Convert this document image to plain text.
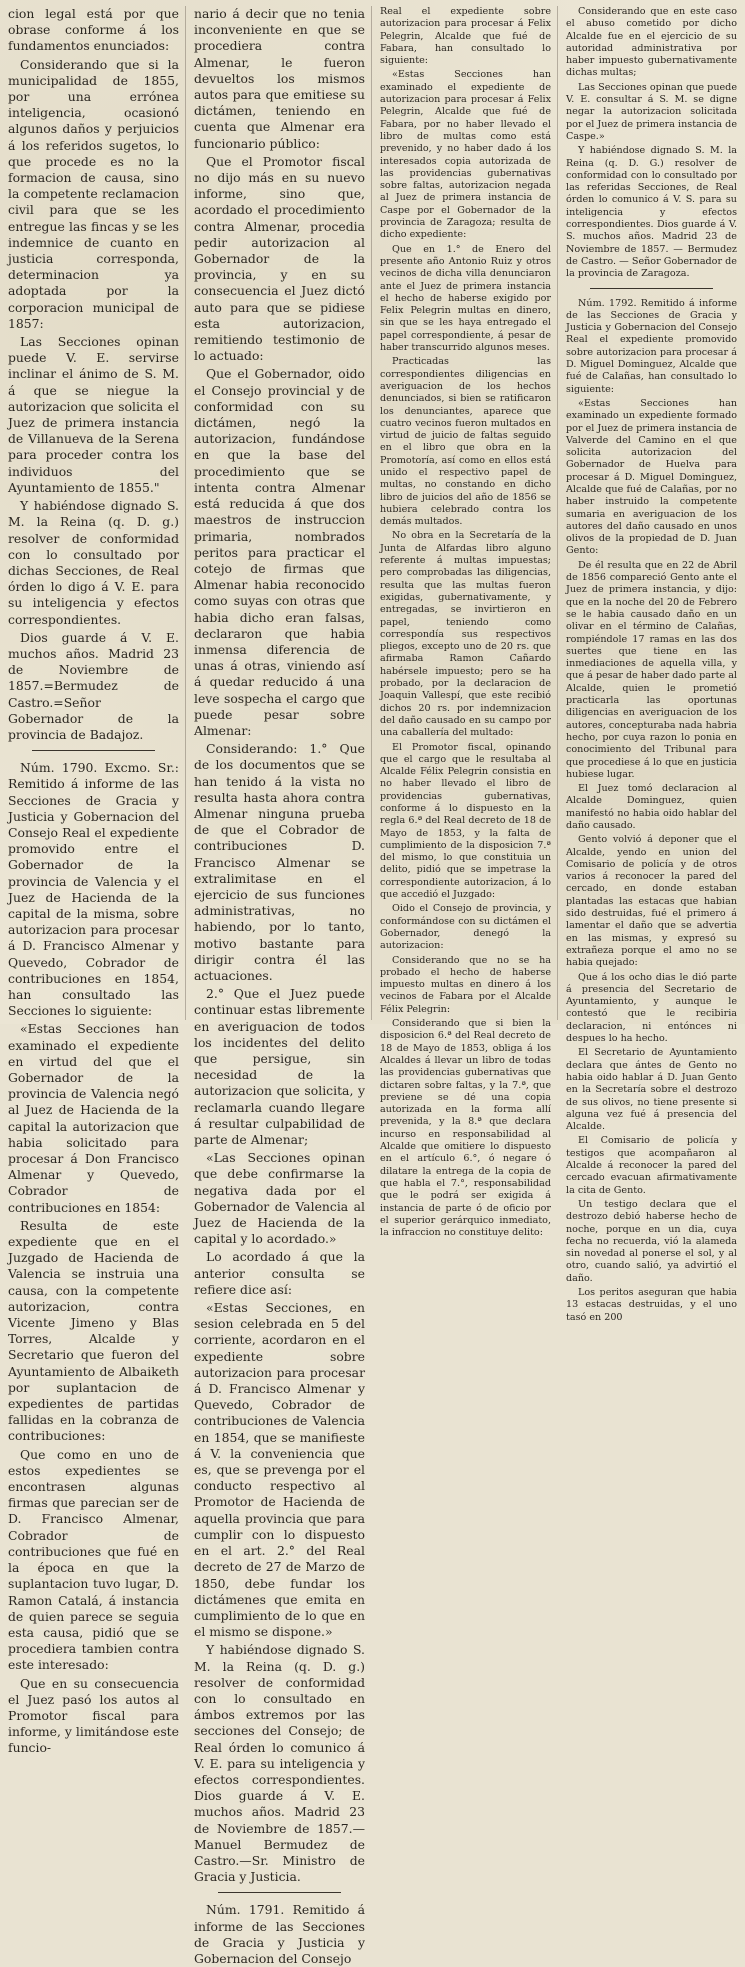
cion legal está por que obrase conforme á los fundamentos enunciados:

Considerando que si la municipalidad de 1855, por una errónea inteligencia, ocasionó algunos daños y perjuicios á los referidos sugetos, lo que procede es no la formacion de causa, sino la competente reclamacion civil para que se les entregue las fincas y se les indemnice de cuanto en justicia corresponda, determinacion ya adoptada por la corporacion municipal de 1857:

Las Secciones opinan puede V. E. servirse inclinar el ánimo de S. M. á que se niegue la autorizacion que solicita el Juez de primera instancia de Villanueva de la Serena para proceder contra los individuos del Ayuntamiento de 1855."

Y habiéndose dignado S. M. la Reina (q. D. g.) resolver de conformidad con lo consultado por dichas Secciones, de Real órden lo digo á V. E. para su inteligencia y efectos correspondientes.

Dios guarde á V. E. muchos años. Madrid 23 de Noviembre de 1857.=Bermudez de Castro.=Señor Gobernador de la provincia de Badajoz.

Núm. 1790. Excmo. Sr.: Remitido á informe de las Secciones de Gracia y Justicia y Gobernacion del Consejo Real el expediente promovido entre el Gobernador de la provincia de Valencia y el Juez de Hacienda de la capital de la misma, sobre autorizacion para procesar á D. Francisco Almenar y Quevedo, Cobrador de contribuciones en 1854, han consultado las Secciones lo siguiente:

«Estas Secciones han examinado el expediente en virtud del que el Gobernador de la provincia de Valencia negó al Juez de Hacienda de la capital la autorizacion que habia solicitado para procesar á Don Francisco Almenar y Quevedo, Cobrador de contribuciones en 1854:

Resulta de este expediente que en el Juzgado de Hacienda de Valencia se instruia una causa, con la competente autorizacion, contra Vicente Jimeno y Blas Torres, Alcalde y Secretario que fueron del Ayuntamiento de Albaiketh por suplantacion de expedientes de partidas fallidas en la cobranza de contribuciones:

Que como en uno de estos expedientes se encontrasen algunas firmas que parecian ser de D. Francisco Almenar, Cobrador de contribuciones que fué en la época en que la suplantacion tuvo lugar, D. Ramon Catalá, á instancia de quien parece se seguia esta causa, pidió que se procediera tambien contra este interesado:

Que en su consecuencia el Juez pasó los autos al Promotor fiscal para informe, y limitándose este funcio-

nario á decir que no tenia inconveniente en que se procediera contra Almenar, le fueron devueltos los mismos autos para que emitiese su dictámen, teniendo en cuenta que Almenar era funcionario público:

Que el Promotor fiscal no dijo más en su nuevo informe, sino que, acordado el procedimiento contra Almenar, procedia pedir autorizacion al Gobernador de la provincia, y en su consecuencia el Juez dictó auto para que se pidiese esta autorizacion, remitiendo testimonio de lo actuado:

Que el Gobernador, oido el Consejo provincial y de conformidad con su dictámen, negó la autorizacion, fundándose en que la base del procedimiento que se intenta contra Almenar está reducida á que dos maestros de instruccion primaria, nombrados peritos para practicar el cotejo de firmas que Almenar habia reconocido como suyas con otras que habia dicho eran falsas, declararon que habia inmensa diferencia de unas á otras, viniendo así á quedar reducido á una leve sospecha el cargo que puede pesar sobre Almenar:

Considerando: 1.° Que de los documentos que se han tenido á la vista no resulta hasta ahora contra Almenar ninguna prueba de que el Cobrador de contribuciones D. Francisco Almenar se extralimitase en el ejercicio de sus funciones administrativas, no habiendo, por lo tanto, motivo bastante para dirigir contra él las actuaciones.

2.° Que el Juez puede continuar estas libremente en averiguacion de todos los incidentes del delito que persigue, sin necesidad de la autorizacion que solicita, y reclamarla cuando llegare á resultar culpabilidad de parte de Almenar;

«Las Secciones opinan que debe confirmarse la negativa dada por el Gobernador de Valencia al Juez de Hacienda de la capital y lo acordado.»

Lo acordado á que la anterior consulta se refiere dice así:

«Estas Secciones, en sesion celebrada en 5 del corriente, acordaron en el expediente sobre autorizacion para procesar á D. Francisco Almenar y Quevedo, Cobrador de contribuciones de Valencia en 1854, que se manifieste á V. la conveniencia que es, que se prevenga por el conducto respectivo al Promotor de Hacienda de aquella provincia que para cumplir con lo dispuesto en el art. 2.° del Real decreto de 27 de Marzo de 1850, debe fundar los dictámenes que emita en cumplimiento de lo que en el mismo se dispone.»

Y habiéndose dignado S. M. la Reina (q. D. g.) resolver de conformidad con lo consultado en ámbos extremos por las secciones del Consejo; de Real órden lo comunico á V. E. para su inteligencia y efectos correspondientes. Dios guarde á V. E. muchos años. Madrid 23 de Noviembre de 1857.—Manuel Bermudez de Castro.—Sr. Ministro de Gracia y Justicia.

Núm. 1791. Remitido á informe de las Secciones de Gracia y Justicia y Gobernacion del Consejo

Real el expediente sobre autorizacion para procesar á Felix Pelegrin, Alcalde que fué de Fabara, han consultado lo siguiente:

«Estas Secciones han examinado el expediente de autorizacion para procesar á Felix Pelegrin, Alcalde que fué de Fabara, por no haber llevado el libro de multas como está prevenido, y no haber dado á los interesados copia autorizada de las providencias gubernativas sobre faltas, autorizacion negada al Juez de primera instancia de Caspe por el Gobernador de la provincia de Zaragoza; resulta de dicho expediente:

Que en 1.° de Enero del presente año Antonio Ruiz y otros vecinos de dicha villa denunciaron ante el Juez de primera instancia el hecho de haberse exigido por Felix Pelegrin multas en dinero, sin que se les haya entregado el papel correspondiente, á pesar de haber transcurrido algunos meses.

Practicadas las correspondientes diligencias en averiguacion de los hechos denunciados, si bien se ratificaron los denunciantes, aparece que cuatro vecinos fueron multados en virtud de juicio de faltas seguido en el libro que obra en la Promotoría, así como en ellos está unido el respectivo papel de multas, no constando en dicho libro de juicios del año de 1856 se hubiera celebrado contra los demás multados.

No obra en la Secretaría de la Junta de Alfardas libro alguno referente á multas impuestas; pero comprobadas las diligencias, resulta que las multas fueron exigidas, gubernativamente, y entregadas, se invirtieron en papel, teniendo como correspondía sus respectivos pliegos, excepto uno de 20 rs. que afirmaba Ramon Cañardo habérsele impuesto; pero se ha probado, por la declaracion de Joaquin Vallespí, que este recibió dichos 20 rs. por indemnizacion del daño causado en su campo por una caballería del multado:

El Promotor fiscal, opinando que el cargo que le resultaba al Alcalde Félix Pelegrin consistia en no haber llevado el libro de providencias gubernativas, conforme á lo dispuesto en la regla 6.ª del Real decreto de 18 de Mayo de 1853, y la falta de cumplimiento de la disposicion 7.ª del mismo, lo que constituia un delito, pidió que se impetrase la correspondiente autorizacion, á lo que accedió el Juzgado:

Oido el Consejo de provincia, y conformándose con su dictámen el Gobernador, denegó la autorizacion:

Considerando que no se ha probado el hecho de haberse impuesto multas en dinero á los vecinos de Fabara por el Alcalde Félix Pelegrin:

Considerando que si bien la disposicion 6.ª del Real decreto de 18 de Mayo de 1853, obliga á los Alcaldes á llevar un libro de todas las providencias gubernativas que dictaren sobre faltas, y la 7.ª, que previene se dé una copia autorizada en la forma allí prevenida, y la 8.ª que declara incurso en responsabilidad al Alcalde que omitiere lo dispuesto en el artículo 6.°, ó negare ó dilatare la entrega de la copia de que habla el 7.°, responsabilidad que le podrá ser exigida á instancia de parte ó de oficio por el superior gerárquico inmediato, la infraccion no constituye delito:

Considerando que en este caso el abuso cometido por dicho Alcalde fue en el ejercicio de su autoridad administrativa por haber impuesto gubernativamente dichas multas;

Las Secciones opinan que puede V. E. consultar á S. M. se digne negar la autorizacion solicitada por el Juez de primera instancia de Caspe.»

Y habiéndose dignado S. M. la Reina (q. D. G.) resolver de conformidad con lo consultado por las referidas Secciones, de Real órden lo comunico á V. S. para su inteligencia y efectos correspondientes. Dios guarde á V. S. muchos años. Madrid 23 de Noviembre de 1857. — Bermudez de Castro. — Señor Gobernador de la provincia de Zaragoza.

Núm. 1792. Remitido á informe de las Secciones de Gracia y Justicia y Gobernacion del Consejo Real el expediente promovido sobre autorizacion para procesar á D. Miguel Dominguez, Alcalde que fué de Calañas, han consultado lo siguiente:

«Estas Secciones han examinado un expediente formado por el Juez de primera instancia de Valverde del Camino en el que solicita autorizacion del Gobernador de Huelva para procesar á D. Miguel Dominguez, Alcalde que fué de Calañas, por no haber instruido la competente sumaria en averiguacion de los autores del daño causado en unos olivos de la propiedad de D. Juan Gento:

De él resulta que en 22 de Abril de 1856 compareció Gento ante el Juez de primera instancia, y dijo: que en la noche del 20 de Febrero se le habia causado daño en un olivar en el término de Calañas, rompiéndole 17 ramas en las dos suertes que tiene en las inmediaciones de aquella villa, y que á pesar de haber dado parte al Alcalde, quien le prometió practicarla las oportunas diligencias en averiguacion de los autores, concepturaba nada habria hecho, por cuya razon lo ponia en conocimiento del Tribunal para que procediese á lo que en justicia hubiese lugar.

El Juez tomó declaracion al Alcalde Dominguez, quien manifestó no habia oido hablar del daño causado.

Gento volvió á deponer que el Alcalde, yendo en union del Comisario de policía y de otros varios á reconocer la pared del cercado, en donde estaban plantadas las estacas que habian sido destruidas, fué el primero á lamentar el daño que se advertia en las mismas, y expresó su extrañeza porque el amo no se habia quejado:

Que á los ocho dias le dió parte á presencia del Secretario de Ayuntamiento, y aunque le contestó que le recibiria declaracion, ni entónces ni despues lo ha hecho.

El Secretario de Ayuntamiento declara que ántes de Gento no habia oido hablar á D. Juan Gento en la Secretaría sobre el destrozo de sus olivos, no tiene presente si alguna vez fué á presencia del Alcalde.

El Comisario de policía y testigos que acompañaron al Alcalde á reconocer la pared del cercado evacuan afirmativamente la cita de Gento.

Un testigo declara que el destrozo debió haberse hecho de noche, porque en un dia, cuya fecha no recuerda, vió la alameda sin novedad al ponerse el sol, y al otro, cuando salió, ya advirtió el daño.

Los peritos aseguran que habia 13 estacas destruidas, y el uno tasó en 200
